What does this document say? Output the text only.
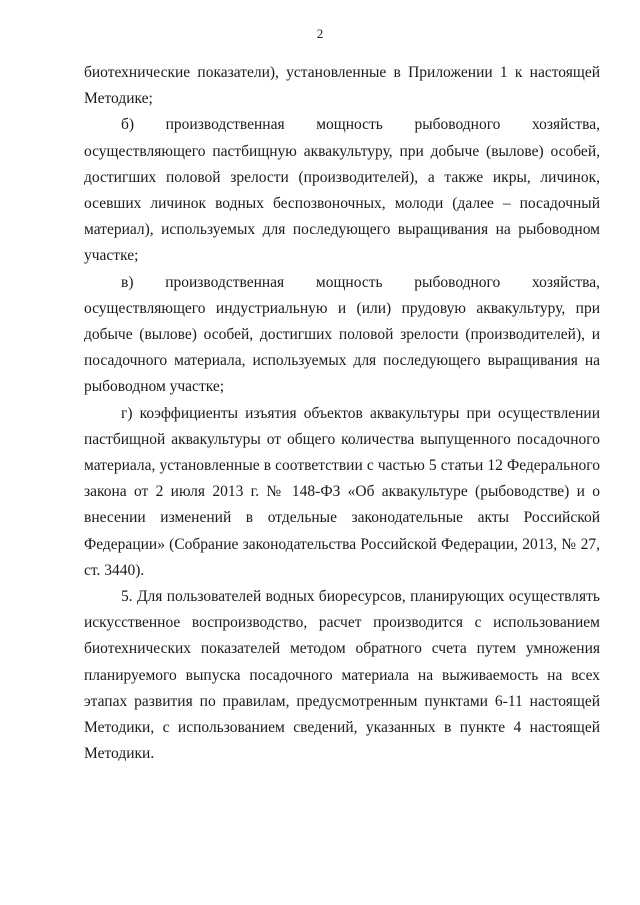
2

биотехнические показатели), установленные в Приложении 1 к настоящей Методике;

б) производственная мощность рыбоводного хозяйства, осуществляющего пастбищную аквакультуру, при добыче (вылове) особей, достигших половой зрелости (производителей), а также икры, личинок, осевших личинок водных беспозвоночных, молоди (далее – посадочный материал), используемых для последующего выращивания на рыбоводном участке;

в) производственная мощность рыбоводного хозяйства, осуществляющего индустриальную и (или) прудовую аквакультуру, при добыче (вылове) особей, достигших половой зрелости (производителей), и посадочного материала, используемых для последующего выращивания на рыбоводном участке;

г) коэффициенты изъятия объектов аквакультуры при осуществлении пастбищной аквакультуры от общего количества выпущенного посадочного материала, установленные в соответствии с частью 5 статьи 12 Федерального закона от 2 июля 2013 г. № 148-ФЗ «Об аквакультуре (рыбоводстве) и о внесении изменений в отдельные законодательные акты Российской Федерации» (Собрание законодательства Российской Федерации, 2013, № 27, ст. 3440).

5. Для пользователей водных биоресурсов, планирующих осуществлять искусственное воспроизводство, расчет производится с использованием биотехнических показателей методом обратного счета путем умножения планируемого выпуска посадочного материала на выживаемость на всех этапах развития по правилам, предусмотренным пунктами 6-11 настоящей Методики, с использованием сведений, указанных в пункте 4 настоящей Методики.
